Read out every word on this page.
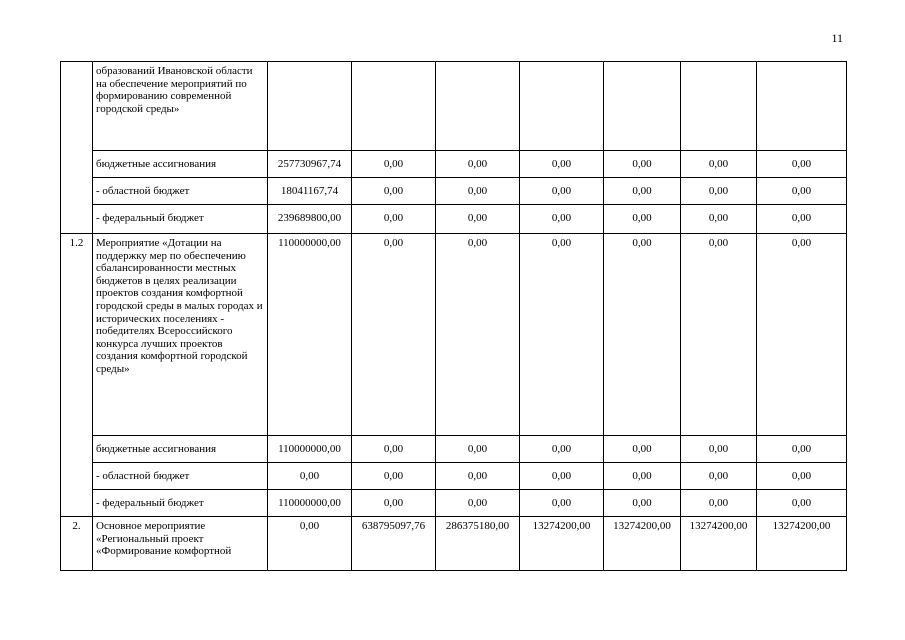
11
	образований Ивановской области на обеспечение мероприятий по формированию современной городской среды»							
	бюджетные ассигнования	257730967,74	0,00	0,00	0,00	0,00	0,00	0,00
	- областной бюджет	18041167,74	0,00	0,00	0,00	0,00	0,00	0,00
	- федеральный бюджет	239689800,00	0,00	0,00	0,00	0,00	0,00	0,00
1.2	Мероприятие «Дотации на поддержку мер по обеспечению сбалансированности местных бюджетов в целях реализации проектов создания комфортной городской среды в малых городах и исторических поселениях - победителях Всероссийского конкурса лучших проектов создания комфортной городской среды»	110000000,00	0,00	0,00	0,00	0,00	0,00	0,00
	бюджетные ассигнования	110000000,00	0,00	0,00	0,00	0,00	0,00	0,00
	- областной бюджет	0,00	0,00	0,00	0,00	0,00	0,00	0,00
	- федеральный бюджет	110000000,00	0,00	0,00	0,00	0,00	0,00	0,00
2.	Основное мероприятие «Региональный проект «Формирование комфортной	0,00	638795097,76	286375180,00	13274200,00	13274200,00	13274200,00	13274200,00
